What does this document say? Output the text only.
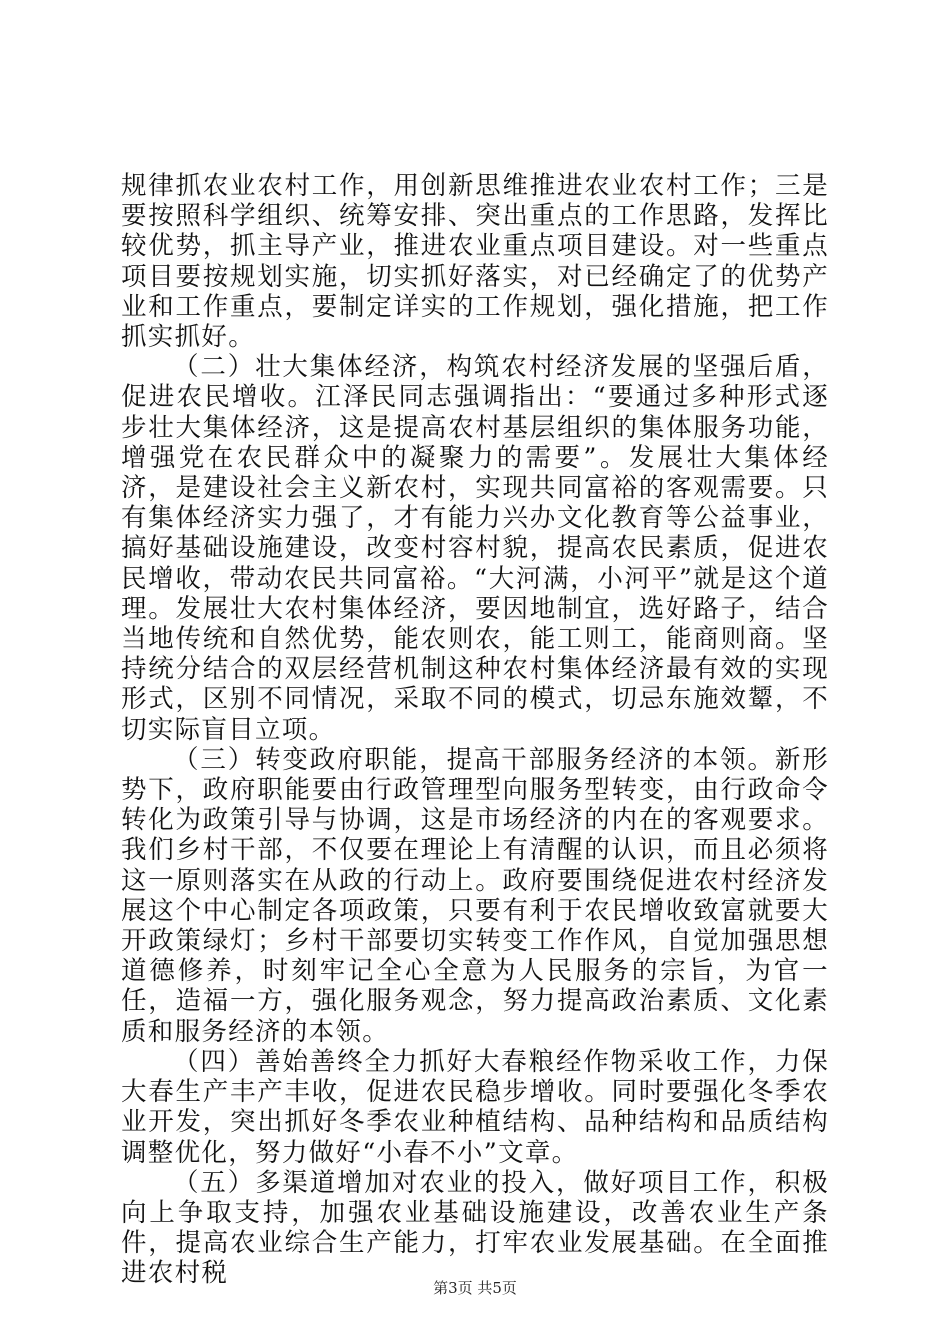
规律抓农业农村工作，用创新思维推进农业农村工作；三是要按照科学组织、统筹安排、突出重点的工作思路，发挥比较优势，抓主导产业，推进农业重点项目建设。对一些重点项目要按规划实施，切实抓好落实，对已经确定了的优势产业和工作重点，要制定详实的工作规划，强化措施，把工作抓实抓好。

（二）壮大集体经济，构筑农村经济发展的坚强后盾，促进农民增收。江泽民同志强调指出：“要通过多种形式逐步壮大集体经济，这是提高农村基层组织的集体服务功能，增强党在农民群众中的凝聚力的需要”。发展壮大集体经济，是建设社会主义新农村，实现共同富裕的客观需要。只有集体经济实力强了，才有能力兴办文化教育等公益事业，搞好基础设施建设，改变村容村貌，提高农民素质，促进农民增收，带动农民共同富裕。“大河满，小河平”就是这个道理。发展壮大农村集体经济，要因地制宜，选好路子，结合当地传统和自然优势，能农则农，能工则工，能商则商。坚持统分结合的双层经营机制这种农村集体经济最有效的实现形式，区别不同情况，采取不同的模式，切忌东施效颦，不切实际盲目立项。

（三）转变政府职能，提高干部服务经济的本领。新形势下，政府职能要由行政管理型向服务型转变，由行政命令转化为政策引导与协调，这是市场经济的内在的客观要求。我们乡村干部，不仅要在理论上有清醒的认识，而且必须将这一原则落实在从政的行动上。政府要围绕促进农村经济发展这个中心制定各项政策，只要有利于农民增收致富就要大开政策绿灯；乡村干部要切实转变工作作风，自觉加强思想道德修养，时刻牢记全心全意为人民服务的宗旨，为官一任，造福一方，强化服务观念，努力提高政治素质、文化素质和服务经济的本领。

（四）善始善终全力抓好大春粮经作物采收工作，力保大春生产丰产丰收，促进农民稳步增收。同时要强化冬季农业开发，突出抓好冬季农业种植结构、品种结构和品质结构调整优化，努力做好“小春不小”文章。

（五）多渠道增加对农业的投入，做好项目工作，积极向上争取支持，加强农业基础设施建设，改善农业生产条件，提高农业综合生产能力，打牢农业发展基础。在全面推进农村税	第3页 共5页
